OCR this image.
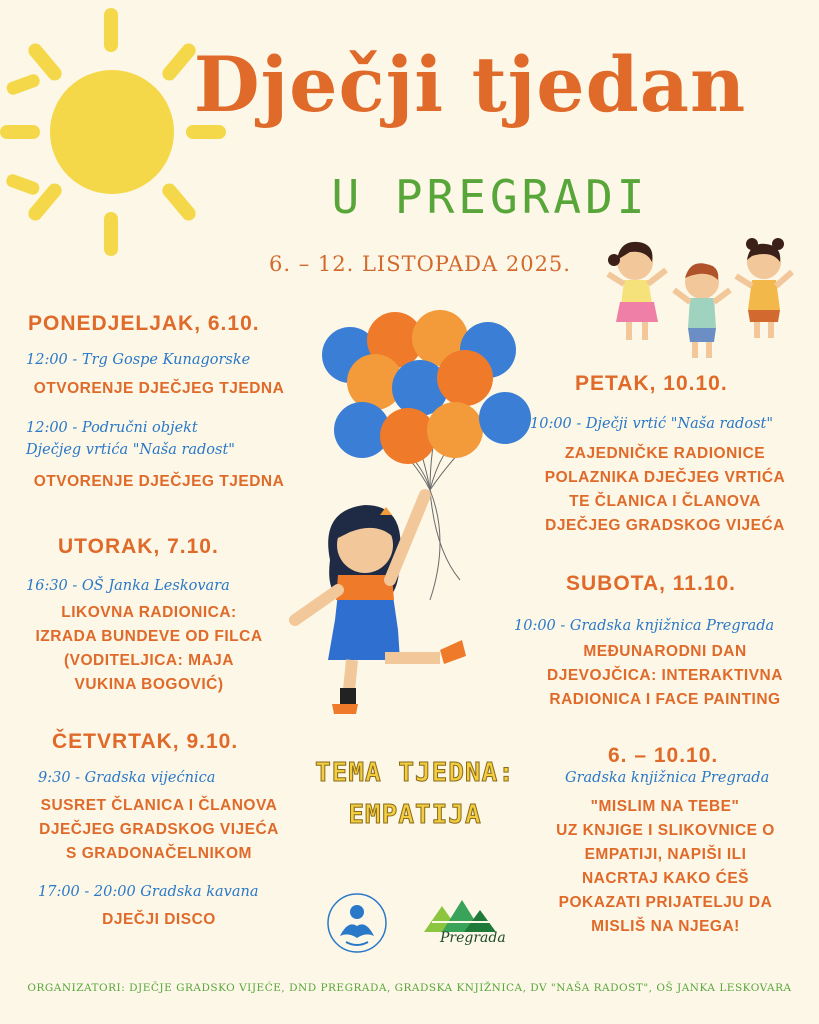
Dječji tjedan
U PREGRADI
6. – 12. LISTOPADA 2025.
PONEDJELJAK, 6.10.
12:00 - Trg Gospe Kunagorske
OTVORENJE DJEČJEG TJEDNA
12:00 - Područni objekt
Dječjeg vrtića "Naša radost"
OTVORENJE DJEČJEG TJEDNA
UTORAK, 7.10.
16:30 - OŠ Janka Leskovara
LIKOVNA RADIONICA:
IZRADA BUNDEVE OD FILCA
(VODITELJICA: MAJA
VUKINA BOGOVIĆ)
ČETVRTAK, 9.10.
9:30 - Gradska vijećnica
SUSRET ČLANICA I ČLANOVA
DJEČJEG GRADSKOG VIJEĆA
S GRADONAČELNIKOM
17:00 - 20:00 Gradska kavana
DJEČJI DISCO
TEMA TJEDNA:
EMPATIJA
Pregrada
PETAK, 10.10.
10:00 - Dječji vrtić "Naša radost"
ZAJEDNIČKE RADIONICE
POLAZNIKA DJEČJEG VRTIĆA
TE ČLANICA I ČLANOVA
DJEČJEG GRADSKOG VIJEĆA
SUBOTA, 11.10.
10:00 - Gradska knjižnica Pregrada
MEĐUNARODNI DAN
DJEVOJČICA: INTERAKTIVNA
RADIONICA I FACE PAINTING
6. – 10.10.
Gradska knjižnica Pregrada
"MISLIM NA TEBE"
UZ KNJIGE I SLIKOVNICE O
EMPATIJI, NAPIŠI ILI
NACRTAJ KAKO ĆEŠ
POKAZATI PRIJATELJU DA
MISLIŠ NA NJEGA!
ORGANIZATORI: DJEČJE GRADSKO VIJEĆE, DND PREGRADA, GRADSKA KNJIŽNICA, DV "NAŠA RADOST", OŠ JANKA LESKOVARA
